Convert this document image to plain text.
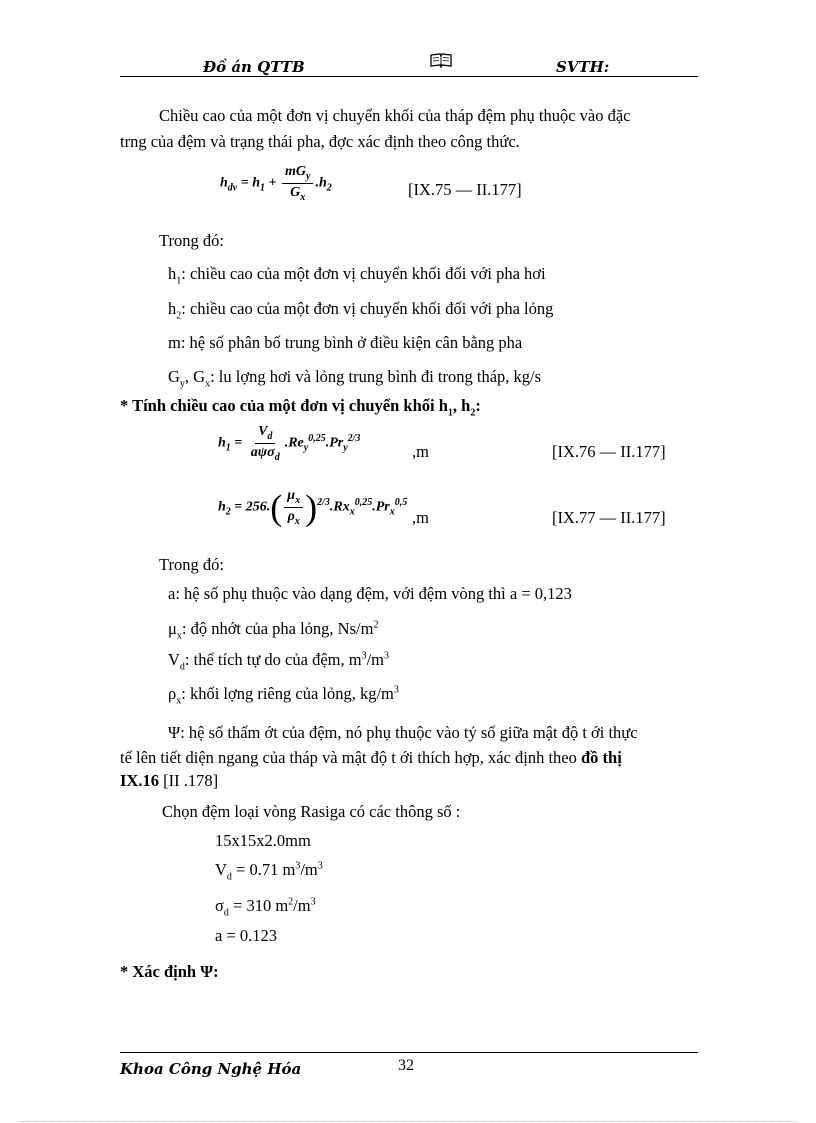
Đồ án QTTB	SVTH:
Chiều cao của một đơn vị chuyển khối của tháp đệm phụ thuộc vào đặc
trng của đệm và trạng thái pha, đợc xác định theo công thức.
$h_{dv} = h_1 + \frac{mG_y}{G_x} .h_2$	[IX.75 — II.177]
Trong đó:
$h_1$: chiều cao của một đơn vị chuyển khối đối với pha hơi
$h_2$: chiều cao của một đơn vị chuyển khối đối với pha lỏng
m: hệ số phân bố trung bình ở điều kiện cân bằng pha
$G_y$, $G_x$: lu lợng hơi và lỏng trung bình đi trong tháp, kg/s
* Tính chiều cao của một đơn vị chuyển khối $h_1$, $h_2$:
$h_1 = \frac{V_d}{a\psi\sigma_d} .Re_y^{0,25}.Pr_y^{2/3}$
,m	[IX.76 — II.177]
$h_2 = 256.( \frac{\mu_x}{\rho_x} )^{2/3}.Rx_x^{0,25}.Pr_x^{0,5}$
,m	[IX.77 — II.177]
Trong đó:
a: hệ số phụ thuộc vào dạng đệm, với đệm vòng thì a = 0,123
$\mu_x$: độ nhớt của pha lỏng, $Ns/m^2$
$V_d$: thể tích tự do của đệm, $m^3/m^3$
$\rho_x$: khối lợng riêng của lỏng, $kg/m^3$
Ψ: hệ số thấm ớt của đệm, nó phụ thuộc vào tỷ số giữa mật độ t ới thực
tế lên tiết diện ngang của tháp và mật độ t ới thích hợp, xác định theo đồ thị
IX.16 [II .178]
Chọn đệm loại vòng Rasiga có các thông số :
15x15x2.0mm
$V_d = 0.71$ $m^3/m^3$
$\sigma_d = 310$ $m^2/m^3$
a = 0.123
* Xác định Ψ:
Khoa Công Nghệ Hóa	32
